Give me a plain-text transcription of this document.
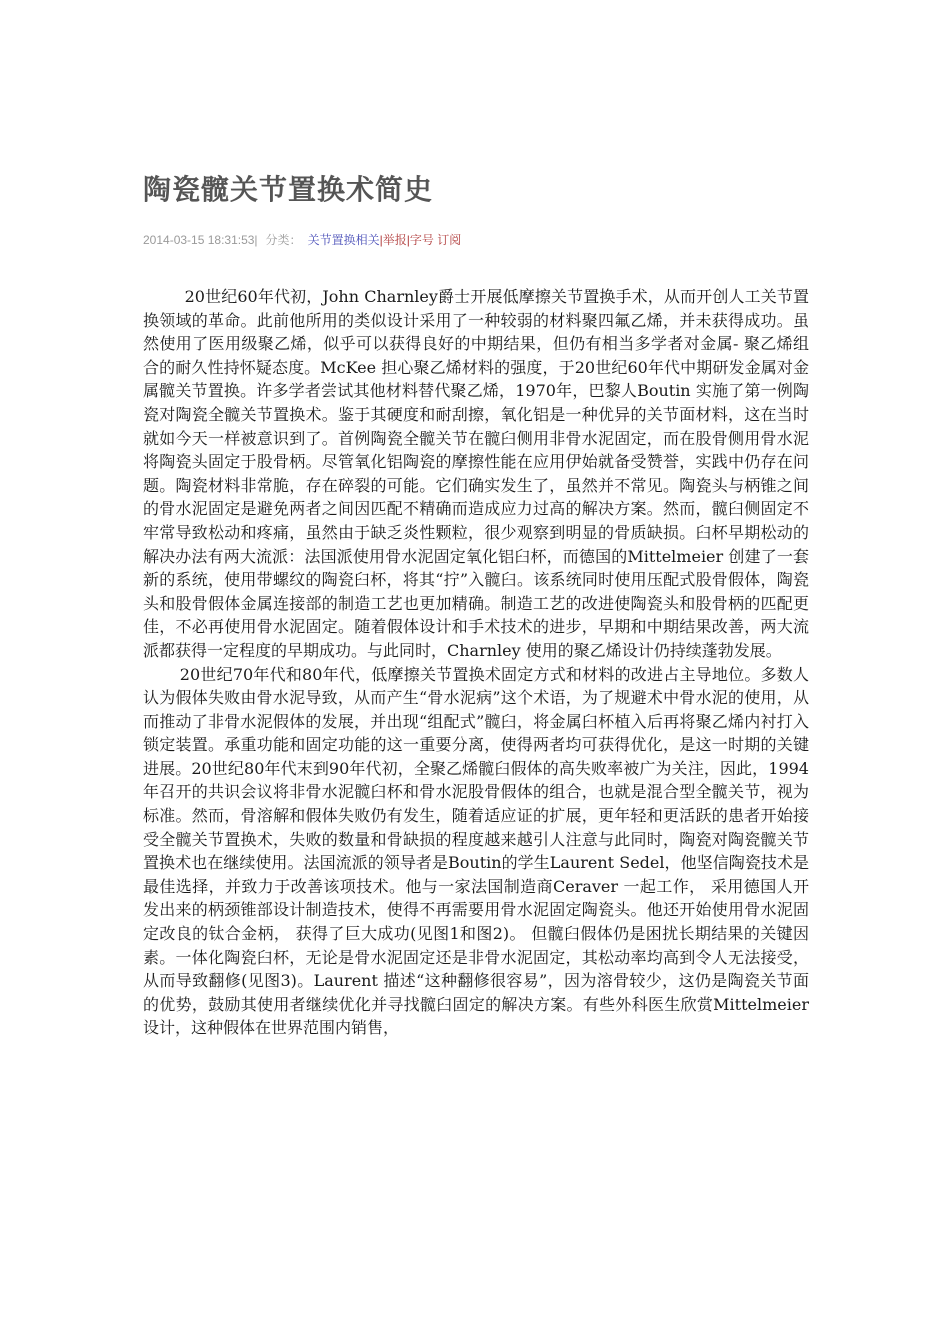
陶瓷髋关节置换术简史
2014-03-15 18:31:53| 分类： 关节置换相关|举报|字号 订阅

20世纪60年代初，John Charnley爵士开展低摩擦关节置换手术，从而开创人工关节置换领域的革命。此前他所用的类似设计采用了一种较弱的材料聚四氟乙烯，并未获得成功。虽然使用了医用级聚乙烯，似乎可以获得良好的中期结果，但仍有相当多学者对金属- 聚乙烯组合的耐久性持怀疑态度。McKee 担心聚乙烯材料的强度，于20世纪60年代中期研发金属对金属髋关节置换。许多学者尝试其他材料替代聚乙烯，1970年，巴黎人Boutin 实施了第一例陶瓷对陶瓷全髋关节置换术。鉴于其硬度和耐刮擦，氧化铝是一种优异的关节面材料，这在当时就如今天一样被意识到了。首例陶瓷全髋关节在髋臼侧用非骨水泥固定，而在股骨侧用骨水泥将陶瓷头固定于股骨柄。尽管氧化铝陶瓷的摩擦性能在应用伊始就备受赞誉，实践中仍存在问题。陶瓷材料非常脆，存在碎裂的可能。它们确实发生了，虽然并不常见。陶瓷头与柄锥之间的骨水泥固定是避免两者之间因匹配不精确而造成应力过高的解决方案。然而，髋臼侧固定不牢常导致松动和疼痛，虽然由于缺乏炎性颗粒，很少观察到明显的骨质缺损。臼杯早期松动的解决办法有两大流派：法国派使用骨水泥固定氧化铝臼杯，而德国的Mittelmeier 创建了一套新的系统，使用带螺纹的陶瓷臼杯，将其“拧”入髋臼。该系统同时使用压配式股骨假体，陶瓷头和股骨假体金属连接部的制造工艺也更加精确。制造工艺的改进使陶瓷头和股骨柄的匹配更佳，不必再使用骨水泥固定。随着假体设计和手术技术的进步，早期和中期结果改善，两大流派都获得一定程度的早期成功。与此同时，Charnley 使用的聚乙烯设计仍持续蓬勃发展。

20世纪70年代和80年代，低摩擦关节置换术固定方式和材料的改进占主导地位。多数人认为假体失败由骨水泥导致，从而产生“骨水泥病”这个术语，为了规避术中骨水泥的使用，从而推动了非骨水泥假体的发展，并出现“组配式”髋臼，将金属臼杯植入后再将聚乙烯内衬打入锁定装置。承重功能和固定功能的这一重要分离，使得两者均可获得优化，是这一时期的关键进展。20世纪80年代末到90年代初，全聚乙烯髋臼假体的高失败率被广为关注，因此，1994年召开的共识会议将非骨水泥髋臼杯和骨水泥股骨假体的组合，也就是混合型全髋关节，视为标准。然而，骨溶解和假体失败仍有发生，随着适应证的扩展，更年轻和更活跃的患者开始接受全髋关节置换术，失败的数量和骨缺损的程度越来越引人注意与此同时，陶瓷对陶瓷髋关节置换术也在继续使用。法国流派的领导者是Boutin的学生Laurent Sedel，他坚信陶瓷技术是最佳选择，并致力于改善该项技术。他与一家法国制造商Ceraver 一起工作， 采用德国人开发出来的柄颈锥部设计制造技术，使得不再需要用骨水泥固定陶瓷头。他还开始使用骨水泥固定改良的钛合金柄， 获得了巨大成功(见图1和图2)。 但髋臼假体仍是困扰长期结果的关键因素。一体化陶瓷臼杯，无论是骨水泥固定还是非骨水泥固定，其松动率均高到令人无法接受，从而导致翻修(见图3)。Laurent 描述“这种翻修很容易”，因为溶骨较少，这仍是陶瓷关节面的优势，鼓励其使用者继续优化并寻找髋臼固定的解决方案。有些外科医生欣赏Mittelmeier 设计，这种假体在世界范围内销售，
